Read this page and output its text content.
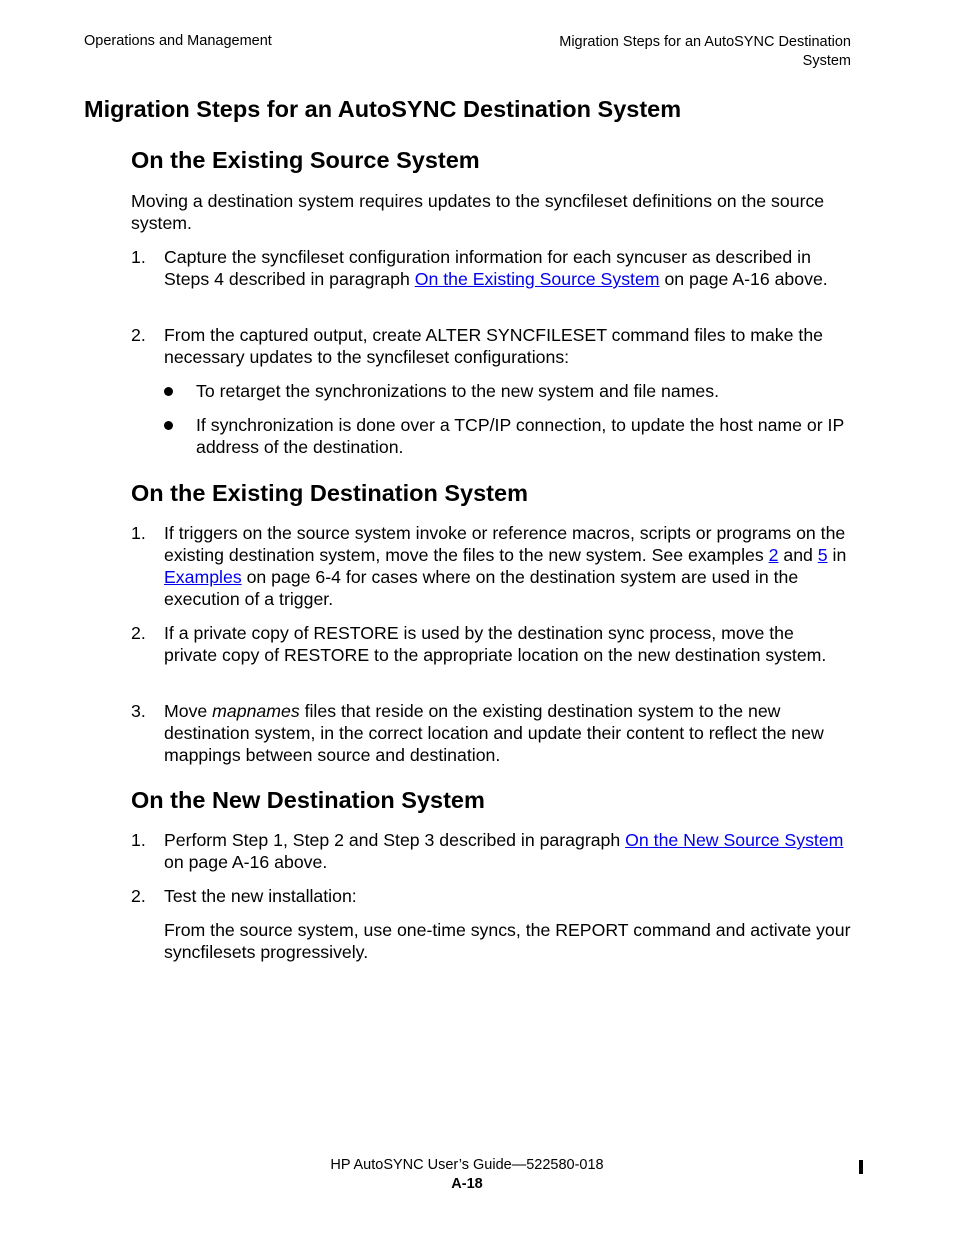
Operations and Management	Migration Steps for an AutoSYNC Destination
System
Migration Steps for an AutoSYNC Destination System
On the Existing Source System

Moving a destination system requires updates to the syncfileset definitions on the source system.

1. Capture the syncfileset configuration information for each syncuser as described in Steps 4 described in paragraph On the Existing Source System on page A-16 above.
2. From the captured output, create ALTER SYNCFILESET command files to make the necessary updates to the syncfileset configurations:
To retarget the synchronizations to the new system and file names.
If synchronization is done over a TCP/IP connection, to update the host name or IP address of the destination.
On the Existing Destination System
1. If triggers on the source system invoke or reference macros, scripts or programs on the existing destination system, move the files to the new system. See examples 2 and 5 in Examples on page 6-4 for cases where on the destination system are used in the execution of a trigger.
2. If a private copy of RESTORE is used by the destination sync process, move the private copy of RESTORE to the appropriate location on the new destination system.
3. Move mapnames files that reside on the existing destination system to the new destination system, in the correct location and update their content to reflect the new mappings between source and destination.
On the New Destination System
1. Perform Step 1, Step 2 and Step 3 described in paragraph On the New Source System on page A-16 above.
2. Test the new installation:

From the source system, use one-time syncs, the REPORT command and activate your syncfilesets progressively.

HP AutoSYNC User’s Guide—522580-018
A-18
